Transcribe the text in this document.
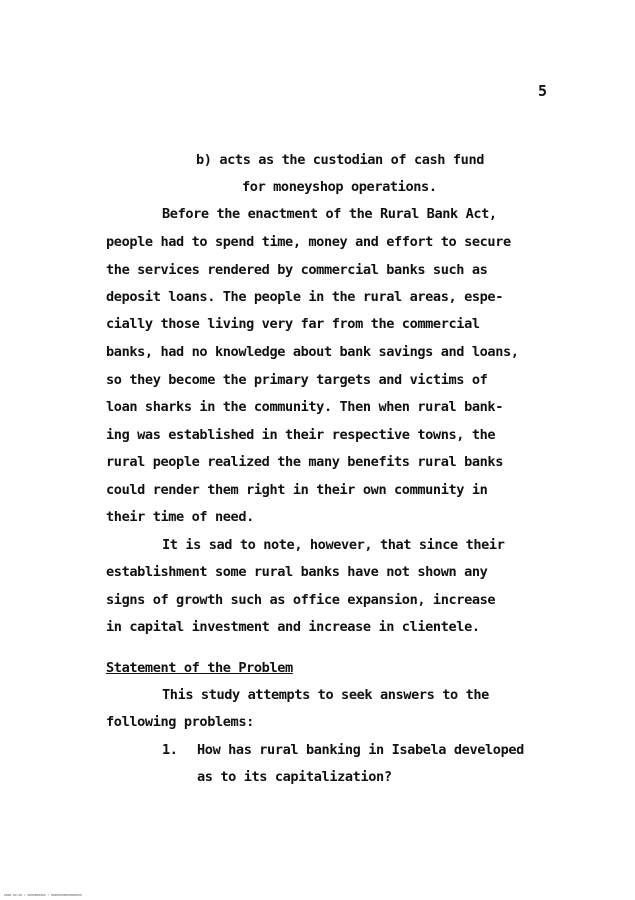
5
b) acts as the custodian of cash fund
for moneyshop operations.
Before the enactment of the Rural Bank Act,
people had to spend time, money and effort to secure
the services rendered by commercial banks such as
deposit loans. The people in the rural areas, espe-
cially those living very far from the commercial
banks, had no knowledge about bank savings and loans,
so they become the primary targets and victims of
loan sharks in the community. Then when rural bank-
ing was established in their respective towns, the
rural people realized the many benefits rural banks
could render them right in their own community in
their time of need.
It is sad to note, however, that since their
establishment some rural banks have not shown any
signs of growth such as office expansion, increase
in capital investment and increase in clientele.
Statement of the Problem
This study attempts to seek answers to the
following problems:
1. How has rural banking in Isabela developed
as to its capitalization?
0000-00-00 / 0000000000 / 00000000000000000
